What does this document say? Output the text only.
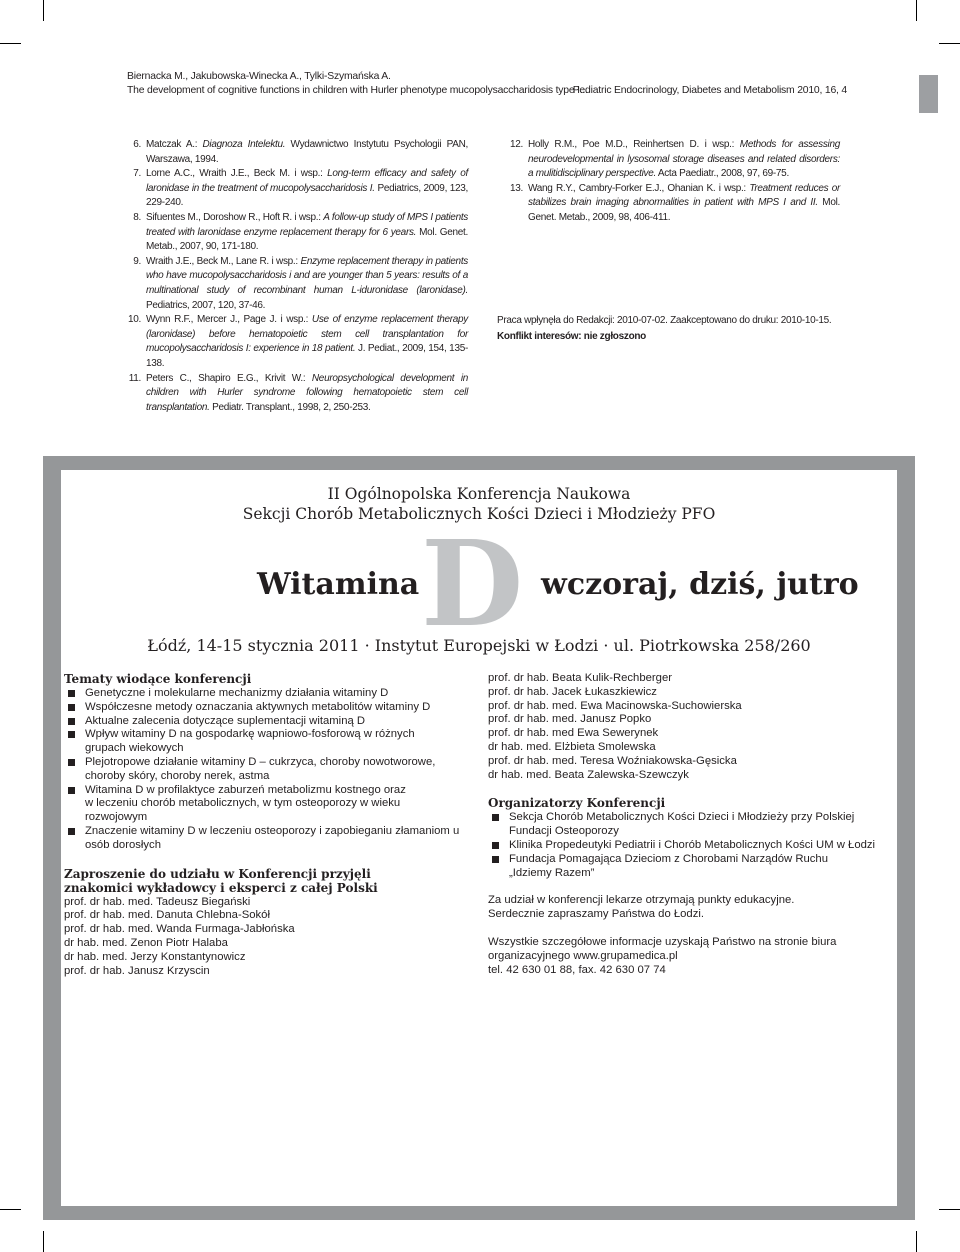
Biernacka M., Jakubowska-Winecka A., Tylki-Szymańska A.
The development of cognitive functions in children with Hurler phenotype mucopolysaccharidosis type I...
Pediatric Endocrinology, Diabetes and Metabolism 2010, 16, 4
6. Matczak A.: Diagnoza Intelektu. Wydawnictwo Instytutu Psychologii PAN, Warszawa, 1994.
7. Lorne A.C., Wraith J.E., Beck M. i wsp.: Long-term efficacy and safety of laronidase in the treatment of mucopolysaccharidosis I. Pediatrics, 2009, 123, 229-240.
8. Sifuentes M., Doroshow R., Hoft R. i wsp.: A follow-up study of MPS I patients treated with laronidase enzyme replacement therapy for 6 years. Mol. Genet. Metab., 2007, 90, 171-180.
9. Wraith J.E., Beck M., Lane R. i wsp.: Enzyme replacement therapy in patients who have mucopolysaccharidosis i and are younger than 5 years: results of a multinational study of recombinant human L-iduronidase (laronidase). Pediatrics, 2007, 120, 37-46.
10. Wynn R.F., Mercer J., Page J. i wsp.: Use of enzyme replacement therapy (laronidase) before hematopoietic stem cell transplantation for mucopolysaccharidosis I: experience in 18 patient. J. Pediat., 2009, 154, 135-138.
11. Peters C., Shapiro E.G., Krivit W.: Neuropsychological development in children with Hurler syndrome following hematopoietic stem cell transplantation. Pediatr. Transplant., 1998, 2, 250-253.
12. Holly R.M., Poe M.D., Reinhertsen D. i wsp.: Methods for assessing neurodevelopmental in lysosomal storage diseases and related disorders: a mulitidisciplinary perspective. Acta Paediatr., 2008, 97, 69-75.
13. Wang R.Y., Cambry-Forker E.J., Ohanian K. i wsp.: Treatment reduces or stabilizes brain imaging abnormalities in patient with MPS I and II. Mol. Genet. Metab., 2009, 98, 406-411.
Praca wpłynęła do Redakcji: 2010-07-02. Zaakceptowano do druku: 2010-10-15.
Konflikt interesów: nie zgłoszono
II Ogólnopolska Konferencja Naukowa
Sekcji Chorób Metabolicznych Kości Dzieci i Młodzieży PFO
D
Witamina	wczoraj, dziś, jutro
Łódź, 14-15 stycznia 2011 · Instytut Europejski w Łodzi · ul. Piotrkowska 258/260
Tematy wiodące konferencji
Genetyczne i molekularne mechanizmy działania witaminy D
Współczesne metody oznaczania aktywnych metabolitów witaminy D
Aktualne zalecenia dotyczące suplementacji witaminą D
Wpływ witaminy D na gospodarkę wapniowo-fosforową w różnych grupach wiekowych
Plejotropowe działanie witaminy D – cukrzyca, choroby nowotworowe, choroby skóry, choroby nerek, astma
Witamina D w profilaktyce zaburzeń metabolizmu kostnego oraz w leczeniu chorób metabolicznych, w tym osteoporozy w wieku rozwojowym
Znaczenie witaminy D w leczeniu osteoporozy i zapobieganiu złamaniom u osób dorosłych
Zaproszenie do udziału w Konferencji przyjęli znakomici wykładowcy i eksperci z całej Polski
prof. dr hab. med. Tadeusz Biegański
prof. dr hab. med. Danuta Chlebna-Sokół
prof. dr hab. med. Wanda Furmaga-Jabłońska
dr hab. med. Zenon Piotr Halaba
dr hab. med. Jerzy Konstantynowicz
prof. dr hab. Janusz Krzyscin
prof. dr hab. Beata Kulik-Rechberger
prof. dr hab. Jacek Łukaszkiewicz
prof. dr hab. med. Ewa Macinowska-Suchowierska
prof. dr hab. med. Janusz Popko
prof. dr hab. med Ewa Sewerynek
dr hab. med. Elżbieta Smolewska
prof. dr hab. med. Teresa Woźniakowska-Gęsicka
dr hab. med. Beata Zalewska-Szewczyk
Organizatorzy Konferencji
Sekcja Chorób Metabolicznych Kości Dzieci i Młodzieży przy Polskiej Fundacji Osteoporozy
Klinika Propedeutyki Pediatrii i Chorób Metabolicznych Kości UM w Łodzi
Fundacja Pomagająca Dzieciom z Chorobami Narządów Ruchu „Idziemy Razem”
Za udział w konferencji lekarze otrzymają punkty edukacyjne.
Serdecznie zapraszamy Państwa do Łodzi.
Wszystkie szczegółowe informacje uzyskają Państwo na stronie biura
organizacyjnego www.grupamedica.pl
tel. 42 630 01 88, fax. 42 630 07 74
